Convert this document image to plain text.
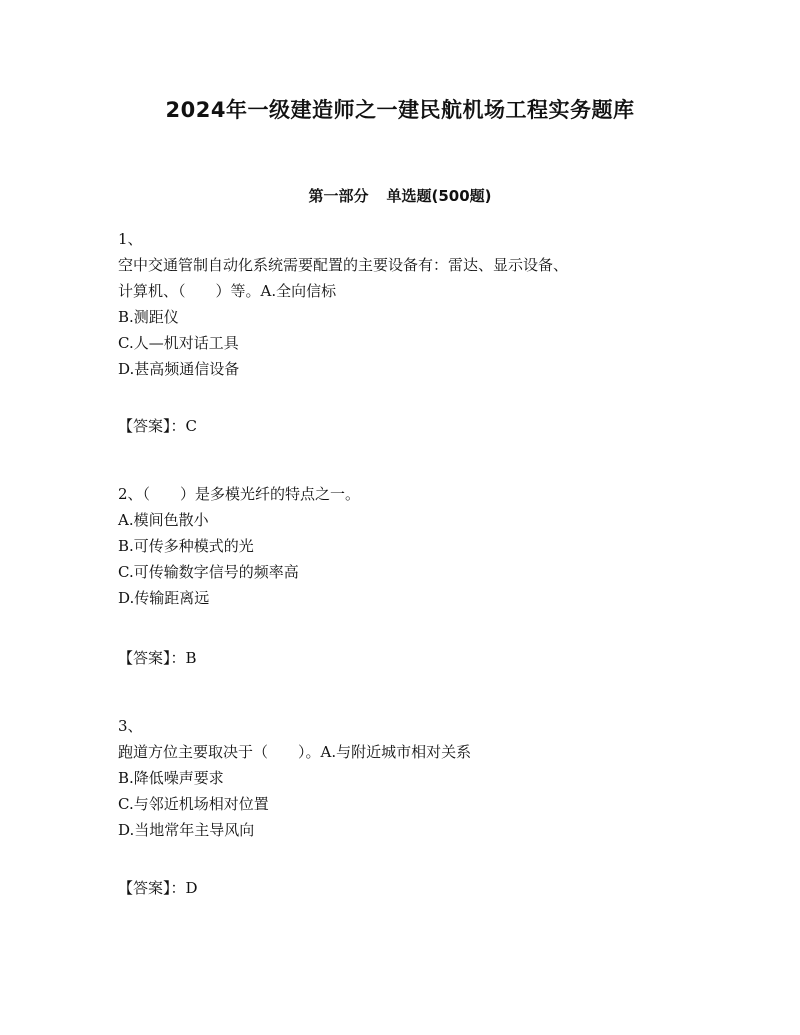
2024年一级建造师之一建民航机场工程实务题库
第一部分 单选题(500题)
1、
空中交通管制自动化系统需要配置的主要设备有：雷达、显示设备、
计算机、（　　）等。A.全向信标
B.测距仪
C.人—机对话工具
D.甚高频通信设备
【答案】：C
2、（　　）是多模光纤的特点之一。
A.模间色散小
B.可传多种模式的光
C.可传输数字信号的频率高
D.传输距离远
【答案】：B
3、
跑道方位主要取决于（　　）。A.与附近城市相对关系
B.降低噪声要求
C.与邻近机场相对位置
D.当地常年主导风向
【答案】：D
